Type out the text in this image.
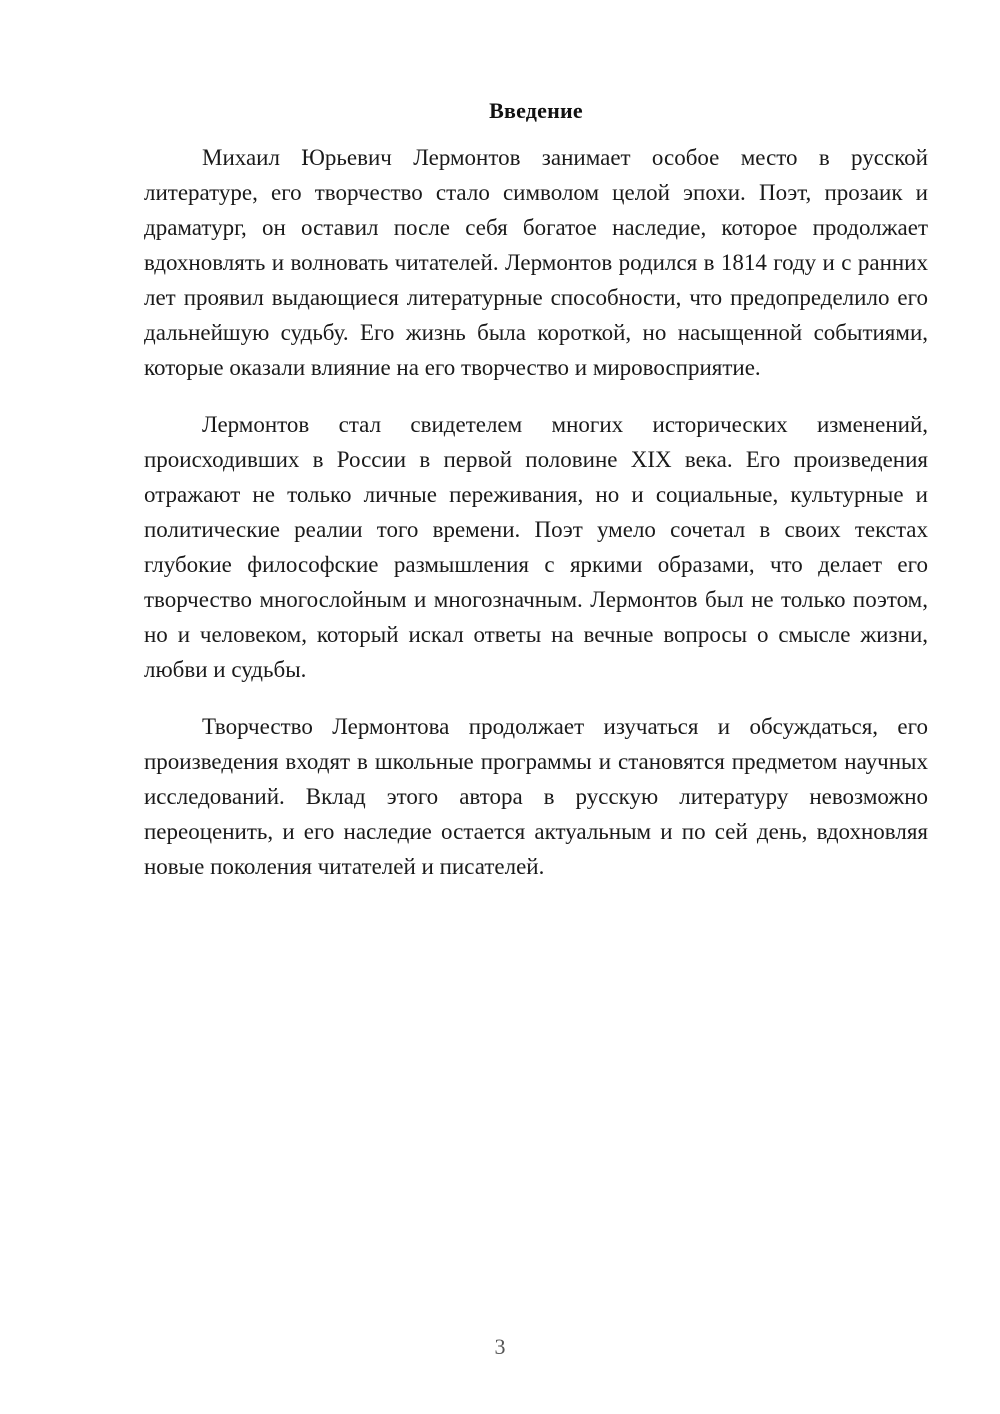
Введение

Михаил Юрьевич Лермонтов занимает особое место в русской литературе, его творчество стало символом целой эпохи. Поэт, прозаик и драматург, он оставил после себя богатое наследие, которое продолжает вдохновлять и волновать читателей. Лермонтов родился в 1814 году и с ранних лет проявил выдающиеся литературные способности, что предопределило его дальнейшую судьбу. Его жизнь была короткой, но насыщенной событиями, которые оказали влияние на его творчество и мировосприятие.

Лермонтов стал свидетелем многих исторических изменений, происходивших в России в первой половине XIX века. Его произведения отражают не только личные переживания, но и социальные, культурные и политические реалии того времени. Поэт умело сочетал в своих текстах глубокие философские размышления с яркими образами, что делает его творчество многослойным и многозначным. Лермонтов был не только поэтом, но и человеком, который искал ответы на вечные вопросы о смысле жизни, любви и судьбы.

Творчество Лермонтова продолжает изучаться и обсуждаться, его произведения входят в школьные программы и становятся предметом научных исследований. Вклад этого автора в русскую литературу невозможно переоценить, и его наследие остается актуальным и по сей день, вдохновляя новые поколения читателей и писателей.

3
